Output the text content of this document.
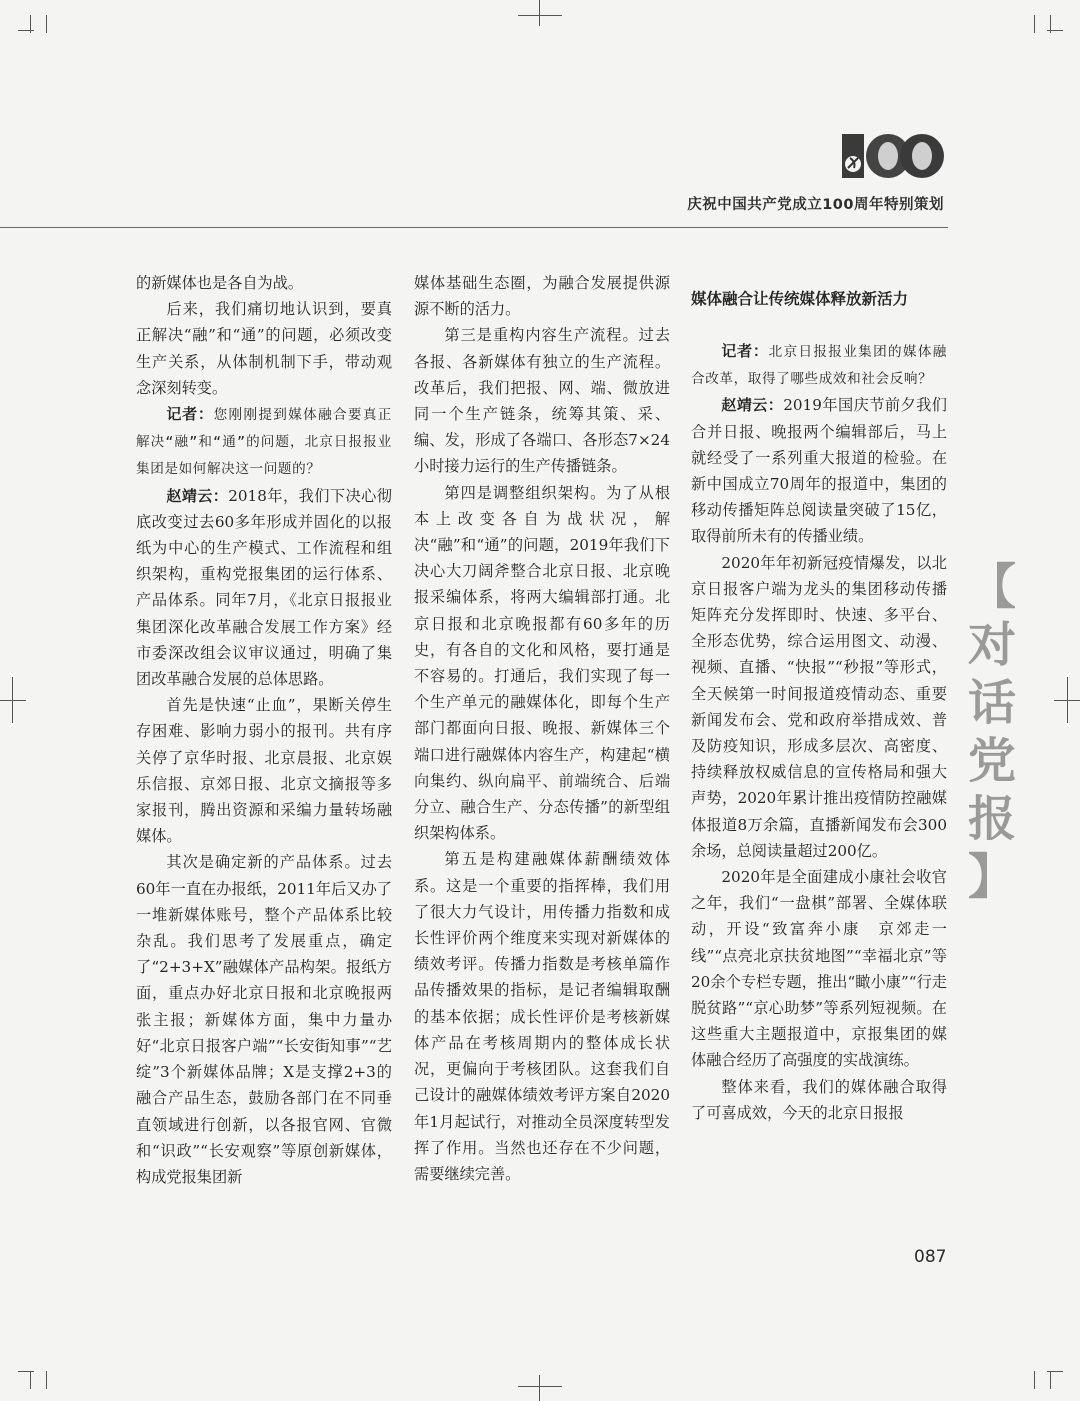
100
庆祝中国共产党成立100周年特别策划

的新媒体也是各自为战。

后来，我们痛切地认识到，要真正解决“融”和“通”的问题，必须改变生产关系，从体制机制下手，带动观念深刻转变。

记者：您刚刚提到媒体融合要真正解决“融”和“通”的问题，北京日报报业集团是如何解决这一问题的？

赵靖云：2018年，我们下决心彻底改变过去60多年形成并固化的以报纸为中心的生产模式、工作流程和组织架构，重构党报集团的运行体系、产品体系。同年7月，《北京日报报业集团深化改革融合发展工作方案》经市委深改组会议审议通过，明确了集团改革融合发展的总体思路。

首先是快速“止血”，果断关停生存困难、影响力弱小的报刊。共有序关停了京华时报、北京晨报、北京娱乐信报、京郊日报、北京文摘报等多家报刊，腾出资源和采编力量转场融媒体。

其次是确定新的产品体系。过去60年一直在办报纸，2011年后又办了一堆新媒体账号，整个产品体系比较杂乱。我们思考了发展重点，确定了“2+3+X”融媒体产品构架。报纸方面，重点办好北京日报和北京晚报两张主报；新媒体方面，集中力量办好“北京日报客户端”“长安街知事”“艺绽”3个新媒体品牌；X是支撑2+3的融合产品生态，鼓励各部门在不同垂直领域进行创新，以各报官网、官微和“识政”“长安观察”等原创新媒体，构成党报集团新

媒体基础生态圈，为融合发展提供源源不断的活力。

第三是重构内容生产流程。过去各报、各新媒体有独立的生产流程。改革后，我们把报、网、端、微放进同一个生产链条，统筹其策、采、编、发，形成了各端口、各形态7×24小时接力运行的生产传播链条。

第四是调整组织架构。为了从根本上改变各自为战状况，解决“融”和“通”的问题，2019年我们下决心大刀阔斧整合北京日报、北京晚报采编体系，将两大编辑部打通。北京日报和北京晚报都有60多年的历史，有各自的文化和风格，要打通是不容易的。打通后，我们实现了每一个生产单元的融媒体化，即每个生产部门都面向日报、晚报、新媒体三个端口进行融媒体内容生产，构建起“横向集约、纵向扁平、前端统合、后端分立、融合生产、分态传播”的新型组织架构体系。

第五是构建融媒体薪酬绩效体系。这是一个重要的指挥棒，我们用了很大力气设计，用传播力指数和成长性评价两个维度来实现对新媒体的绩效考评。传播力指数是考核单篇作品传播效果的指标，是记者编辑取酬的基本依据；成长性评价是考核新媒体产品在考核周期内的整体成长状况，更偏向于考核团队。这套我们自己设计的融媒体绩效考评方案自2020年1月起试行，对推动全员深度转型发挥了作用。当然也还存在不少问题，需要继续完善。

媒体融合让传统媒体释放新活力

记者：北京日报报业集团的媒体融合改革，取得了哪些成效和社会反响？

赵靖云：2019年国庆节前夕我们合并日报、晚报两个编辑部后，马上就经受了一系列重大报道的检验。在新中国成立70周年的报道中，集团的移动传播矩阵总阅读量突破了15亿，取得前所未有的传播业绩。

2020年年初新冠疫情爆发，以北京日报客户端为龙头的集团移动传播矩阵充分发挥即时、快速、多平台、全形态优势，综合运用图文、动漫、视频、直播、“快报”“秒报”等形式，全天候第一时间报道疫情动态、重要新闻发布会、党和政府举措成效、普及防疫知识，形成多层次、高密度、持续释放权威信息的宣传格局和强大声势，2020年累计推出疫情防控融媒体报道8万余篇，直播新闻发布会300余场，总阅读量超过200亿。

2020年是全面建成小康社会收官之年，我们“一盘棋”部署、全媒体联动，开设“致富奔小康　京郊走一线”“点亮北京扶贫地图”“幸福北京”等20余个专栏专题，推出“瞰小康”“行走脱贫路”“京心助梦”等系列短视频。在这些重大主题报道中，京报集团的媒体融合经历了高强度的实战演练。

整体来看，我们的媒体融合取得了可喜成效，今天的北京日报报

【
对
话
党
报
】
087
